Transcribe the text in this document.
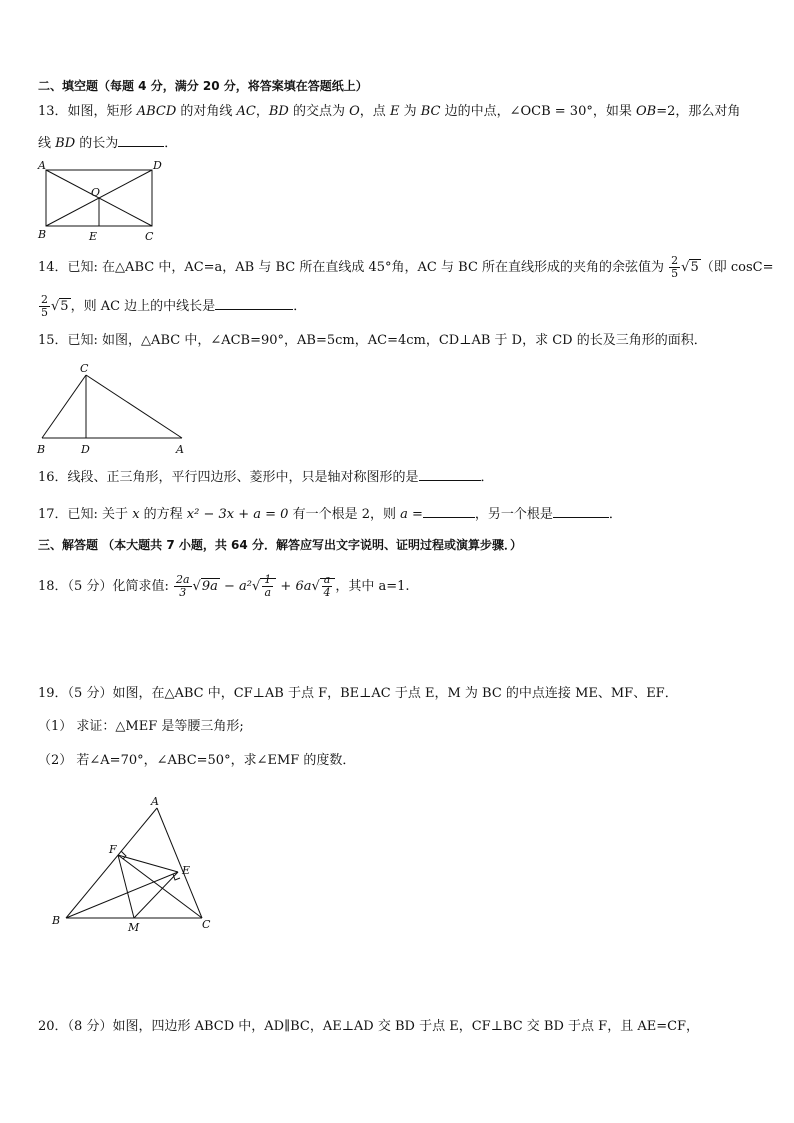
二、填空题（每题 4 分，满分 20 分，将答案填在答题纸上）
13．如图，矩形 ABCD 的对角线 AC，BD 的交点为 O，点 E 为 BC 边的中点，∠OCB = 30°，如果 OB=2，那么对角
线 BD 的长为	．
A	D
O
B	E	C
14．已知: 在△ABC 中，AC=a，AB 与 BC 所在直线成 45°角，AC 与 BC 所在直线形成的夹角的余弦值为 $\frac{2}{5} √5$ （即 cosC=
$\frac{2}{5} √5$ ，则 AC 边上的中线长是	．
15．已知: 如图，△ABC 中，∠ACB=90°，AB=5cm，AC=4cm，CD⊥AB 于 D，求 CD 的长及三角形的面积．
C
B	D	A
16．线段、正三角形，平行四边形、菱形中，只是轴对称图形的是	．
17．已知: 关于 x 的方程 x² − 3x + a = 0 有一个根是 2，则 a =	，另一个根是	．
三、解答题 （本大题共 7 小题，共 64 分．解答应写出文字说明、证明过程或演算步骤．）
18．（5 分）化简求值: $\frac{2a}{3} √9a - a^2√ \frac{1}{a} + 6a√ \frac{a}{4}$ ，其中 a=1.
19．（5 分）如图，在△ABC 中，CF⊥AB 于点 F，BE⊥AC 于点 E，M 为 BC 的中点连接 ME、MF、EF．
（1） 求证：△MEF 是等腰三角形;
（2） 若∠A=70°，∠ABC=50°，求∠EMF 的度数．
A
F
E
B
M	C
20．（8 分）如图，四边形 ABCD 中，AD∥BC，AE⊥AD 交 BD 于点 E，CF⊥BC 交 BD 于点 F，且 AE=CF，
